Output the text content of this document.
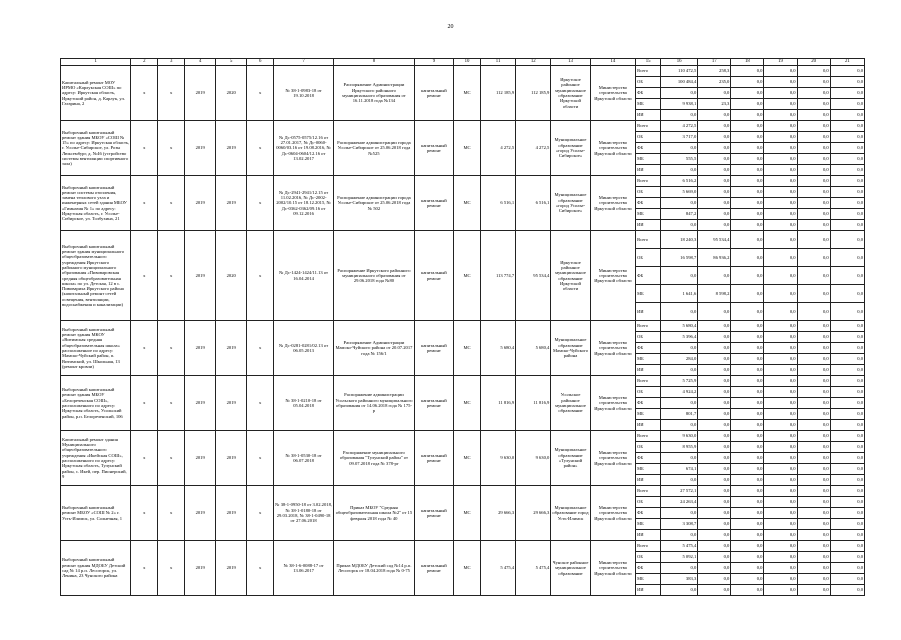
20
1	2	3	4	5	6	7	8	9	10	11	12	13	14	15	16	17	18	19	20	21
Капитальный ремонт МОУ ИРМО «Карлукская СОШ» по адресу: Иркутская область, Иркутский район, д. Карлук, ул. Гагарина, 2	х	х	2019	2020	х	№ 38-1-0983-18 от 19.10.2018	Распоряжение Администрации Иркутского районного муниципального образования от 16.11.2018 года №134	капитальный ремонт	МС	112 185,9	112 185,9	Иркутское районное муниципальное образование Иркутской области	Министерство строительства Иркутской области	Всего	110 472,5	258,3	0,0	0,0	0,0	0,0
														ОБ	100 484,4	235,0	0,0	0,0	0,0	0,0
														ФБ	0,0	0,0	0,0	0,0	0,0	0,0
														МБ	9 938,1	23,3	0,0	0,0	0,0	0,0
														ИИ	0,0	0,0	0,0	0,0	0,0	0,0
Выборочный капитальный ремонт здания МБОУ «СОШ № 15» по адресу: Иркутская область, г. Усолье-Сибирское, ул. Розы Люксембург, д. №46 (устройство системы вентиляции спортивного зала)	х	х	2019	2019	х	№ Дс-0575-0575/12.16 от 27.01.2017, № Дс-0060-0060/03.16 от 19.08.2016, № Дс-0604-0604/12.16 от 13.02.2017	Распоряжение администрации города Усолье-Сибирское от 25.06.2018 года №525	капитальный ремонт	МС	4 272,5	4 272,5	Муниципальное образование «город Усолье-Сибирское»	Министерство строительства Иркутской области	Всего	4 272,5	0,0	0,0	0,0	0,0	0,0
														ОБ	3 717,0	0,0	0,0	0,0	0,0	0,0
														ФБ	0,0	0,0	0,0	0,0	0,0	0,0
														МБ	555,5	0,0	0,0	0,0	0,0	0,0
														ИИ	0,0	0,0	0,0	0,0	0,0	0,0
Выборочный капитальный ремонт системы отопления, замена теплового узла и инженерных сетей здания МБОУ «Гимназия № 1» по адресу: Иркутская область, г. Усолье-Сибирское, ул. Толбухина, 21	х	х	2019	2019	х	№ Дс-2941-2941/12.15 от 11.02.2016, № Дс-2002-2002/10.15 от 18.12.2015, № Дс-0362-0362/09.16 от 09.12.2016	Распоряжение администрации города Усолье-Сибирское от 25.06.2018 года № 502	капитальный ремонт	МС	6 516,1	6 516,1	Муниципальное образование «город Усолье-Сибирское»	Министерство строительства Иркутской области	Всего	6 516,2	0,0	0,0	0,0	0,0	0,0
														ОБ	5 669,0	0,0	0,0	0,0	0,0	0,0
														ФБ	0,0	0,0	0,0	0,0	0,0	0,0
														МБ	847,2	0,0	0,0	0,0	0,0	0,0
														ИИ	0,0	0,0	0,0	0,0	0,0	0,0
Выборочный капитальный ремонт здания муниципального общеобразовательного учреждения Иркутского районного муниципального образования «Пивоваровская средняя общеобразовательная школа» по ул. Детская, 12 в с. Пивовариха Иркутского района (капитальный ремонт сетей освещения, вентиляции, водоснабжения и канализации)	х	х	2019	2020	х	№ Дс-1424-1424/11.13 от 16.04.2014	Распоряжение Иркутского районного муниципального образования от 29.06.2018 года №80	капитальный ремонт	МС	113 774,7	95 534,4	Иркутское районное муниципальное образование Иркутской области	Министерство строительства Иркутской области	Всего	18 240,3	95 534,4	0,0	0,0	0,0	0,0
														ОБ	16 598,7	86 936,2	0,0	0,0	0,0	0,0
														ФБ	0,0	0,0	0,0	0,0	0,0	0,0
														МБ	1 641,6	8 598,2	0,0	0,0	0,0	0,0
														ИИ	0,0	0,0	0,0	0,0	0,0	0,0
Выборочный капитальный ремонт здания МКОУ «Витимская средняя общеобразовательная школа» расположенное по адресу: Мамско-Чуйский район, п. Витимский, ул. Школьная, 13 (ремонт кровли)	х	х	2019	2019	х	№ Дс-0281-0281/02.13 от 06.05.2013	Распоряжение Администрации Мамско-Чуйского района от 20.07.2017 года № 156/1	капитальный ремонт	МС	5 680,4	5 680,4	Муниципальное образование Мамско-Чуйского района	Министерство строительства Иркутской области	Всего	5 680,4	0,0	0,0	0,0	0,0	0,0
														ОБ	5 396,4	0,0	0,0	0,0	0,0	0,0
														ФБ	0,0	0,0	0,0	0,0	0,0	0,0
														МБ	284,0	0,0	0,0	0,0	0,0	0,0
														ИИ	0,0	0,0	0,0	0,0	0,0	0,0
Выборочный капитальный ремонт здания МБОУ «Белореченская СОШ», расположенного по адресу: Иркутская область, Усольский район, р.п. Белореченский, 106	х	х	2019	2019	х	№ 38-1-0210-18 от 05.04.2018	Распоряжение администрации Усольского районного муниципального образования от 14.06.2018 года № 175-р	капитальный ремонт	МС	11 816,9	11 816,9	Усольское районное муниципальное образование	Министерство строительства Иркутской области	Всего	5 725,9	0,0	0,0	0,0	0,0	0,0
														ОБ	4 924,2	0,0	0,0	0,0	0,0	0,0
														ФБ	0,0	0,0	0,0	0,0	0,0	0,0
														МБ	801,7	0,0	0,0	0,0	0,0	0,0
														ИИ	0,0	0,0	0,0	0,0	0,0	0,0
Капитальный ремонт здания Муниципального общеобразовательного учреждения «Икейская СОШ», расположенного по адресу: Иркутская область, Тулунский район, с. Икей, пер. Пионерский, 9	х	х	2019	2019	х	№ 38-1-0530-18 от 06.07.2018	Распоряжение муниципального образования "Тулунский район" от 09.07.2018 года № 378-рг	капитальный ремонт	МС	9 630,0	9 630,0	Муниципальное образование «Тулунский район»	Министерство строительства Иркутской области	Всего	9 630,0	0,0	0,0	0,0	0,0	0,0
														ОБ	8 955,9	0,0	0,0	0,0	0,0	0,0
														ФБ	0,0	0,0	0,0	0,0	0,0	0,0
														МБ	674,1	0,0	0,0	0,0	0,0	0,0
														ИИ	0,0	0,0	0,0	0,0	0,0	0,0
Выборочный капитальный ремонт МБОУ «СОШ № 2» г. Усть-Илимск, ул. Солнечная, 1	х	х	2019	2019	х	№ 38-1-0950-18 от 3.02.2018, № 38-1-0180-18 от 29.03.2018, № 38-1-0490-18 от 27.06.2018	Приказ МБОУ "Средняя общеобразовательная школа №2" от 15 февраля 2018 года № 40	капитальный ремонт	МС	29 666,3	29 666,3	Муниципальное образование город Усть-Илимск	Министерство строительства Иркутской области	Всего	27 572,1	0,0	0,0	0,0	0,0	0,0
														ОБ	24 263,4	0,0	0,0	0,0	0,0	0,0
														ФБ	0,0	0,0	0,0	0,0	0,0	0,0
														МБ	3 308,7	0,0	0,0	0,0	0,0	0,0
														ИИ	0,0	0,0	0,0	0,0	0,0	0,0
Выборочный капитальный ремонт здания МДОБУ Детский сад № 14 р.п. Лесогорск, ул. Ленина, 23 Чунского района	х	х	2019	2019	х	№ 38-1-6-0088-17 от 13.06.2017	Приказ МДОБУ Детский сад №14 р.п. Лесогорск от 18.04.2018 года № 0-75	капитальный ремонт	МС	5 475,4	5 475,4	Чунское районное муниципальное образование	Министерство строительства Иркутской области	Всего	5 475,4	0,0	0,0	0,0	0,0	0,0
														ОБ	5 092,1	0,0	0,0	0,0	0,0	0,0
														ФБ	0,0	0,0	0,0	0,0	0,0	0,0
														МБ	383,3	0,0	0,0	0,0	0,0	0,0
														ИИ	0,0	0,0	0,0	0,0	0,0	0,0
